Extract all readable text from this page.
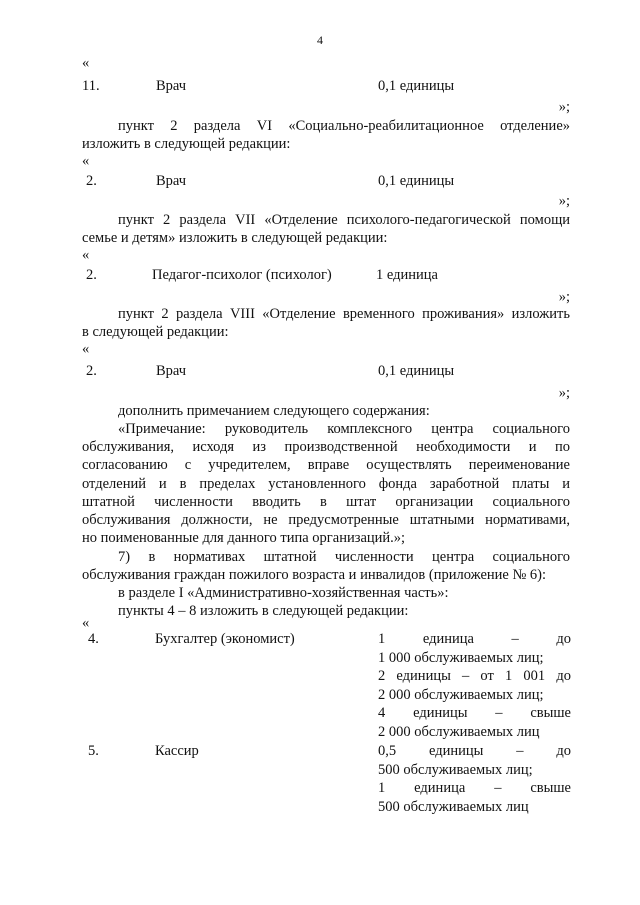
4
«
11.	Врач	0,1 единицы
»;
пункт 2 раздела VI «Социально-реабилитационное отделение»
изложить в следующей редакции:
«
2.	Врач	0,1 единицы
»;
пункт 2 раздела VII «Отделение психолого-педагогической помощи
семье и детям» изложить в следующей редакции:
«
2.	Педагог-психолог (психолог)	1 единица
»;
пункт 2 раздела VIII «Отделение временного проживания» изложить
в следующей редакции:
«
2.	Врач	0,1 единицы
»;
дополнить примечанием следующего содержания:
«Примечание: руководитель комплексного центра социального
обслуживания, исходя из производственной необходимости и по
согласованию с учредителем, вправе осуществлять переименование
отделений и в пределах установленного фонда заработной платы и
штатной численности вводить в штат организации социального
обслуживания должности, не предусмотренные штатными нормативами,
но поименованные для данного типа организаций.»;
7) в нормативах штатной численности центра социального
обслуживания граждан пожилого возраста и инвалидов (приложение № 6):
в разделе I «Административно-хозяйственная часть»:
пункты 4 – 8 изложить в следующей редакции:
«
4.	Бухгалтер (экономист)	1 единица – до
1 000 обслуживаемых лиц;
2 единицы – от 1 001 до
2 000 обслуживаемых лиц;
4 единицы – свыше
2 000 обслуживаемых лиц
5.	Кассир	0,5 единицы – до
500 обслуживаемых лиц;
1 единица – свыше
500 обслуживаемых лиц
